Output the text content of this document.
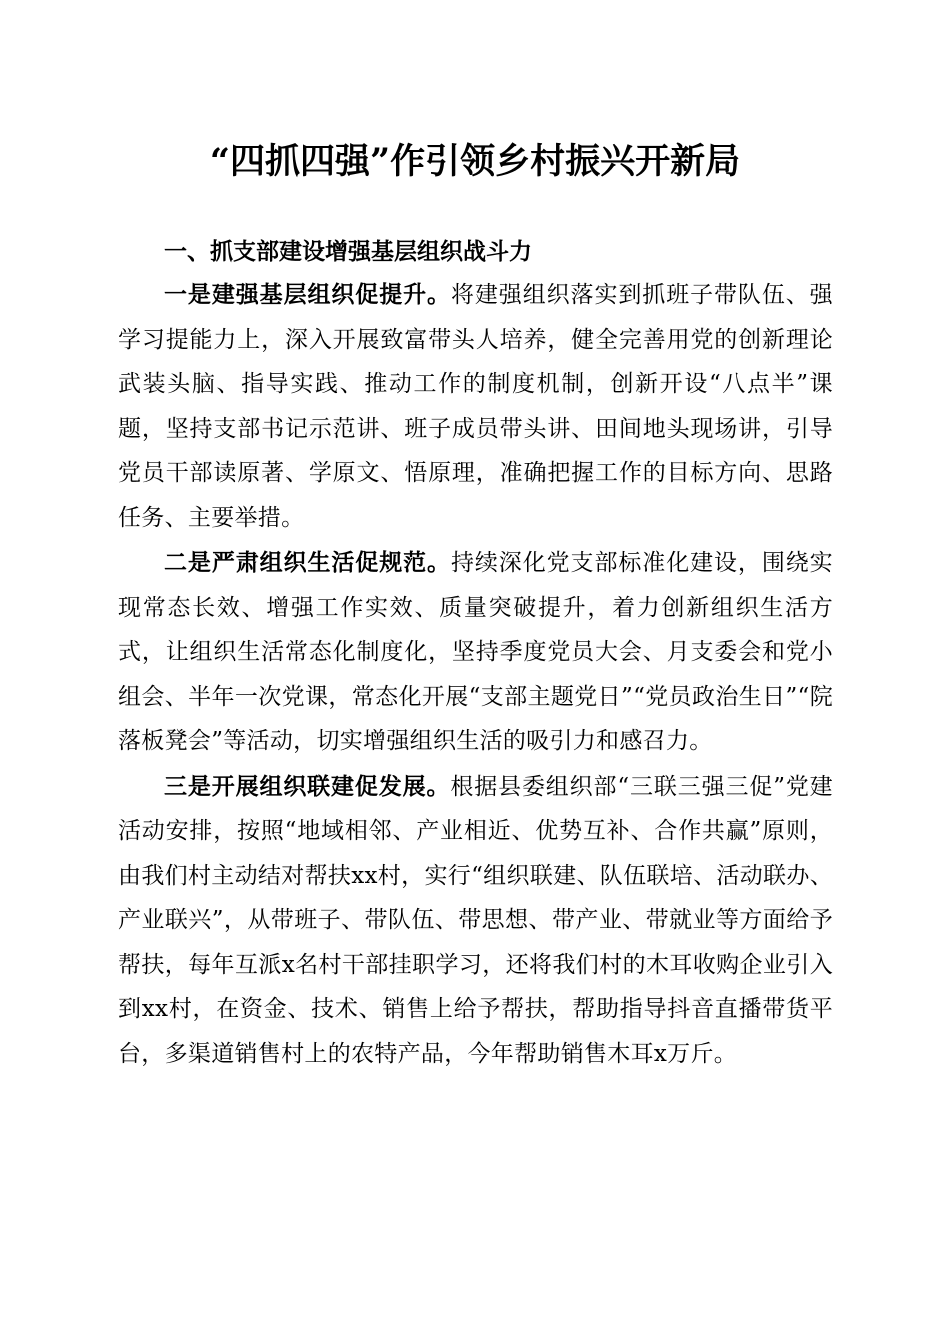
“四抓四强”作引领乡村振兴开新局

一、抓支部建设增强基层组织战斗力

一是建强基层组织促提升。将建强组织落实到抓班子带队伍、强学习提能力上，深入开展致富带头人培养，健全完善用党的创新理论武装头脑、指导实践、推动工作的制度机制，创新开设“八点半”课题，坚持支部书记示范讲、班子成员带头讲、田间地头现场讲，引导党员干部读原著、学原文、悟原理，准确把握工作的目标方向、思路任务、主要举措。

二是严肃组织生活促规范。持续深化党支部标准化建设，围绕实现常态长效、增强工作实效、质量突破提升，着力创新组织生活方式，让组织生活常态化制度化，坚持季度党员大会、月支委会和党小组会、半年一次党课，常态化开展“支部主题党日”“党员政治生日”“院落板凳会”等活动，切实增强组织生活的吸引力和感召力。

三是开展组织联建促发展。根据县委组织部“三联三强三促”党建活动安排，按照“地域相邻、产业相近、优势互补、合作共赢”原则，由我们村主动结对帮扶xx村，实行“组织联建、队伍联培、活动联办、产业联兴”，从带班子、带队伍、带思想、带产业、带就业等方面给予帮扶，每年互派x名村干部挂职学习，还将我们村的木耳收购企业引入到xx村，在资金、技术、销售上给予帮扶，帮助指导抖音直播带货平台，多渠道销售村上的农特产品，今年帮助销售木耳x万斤。
